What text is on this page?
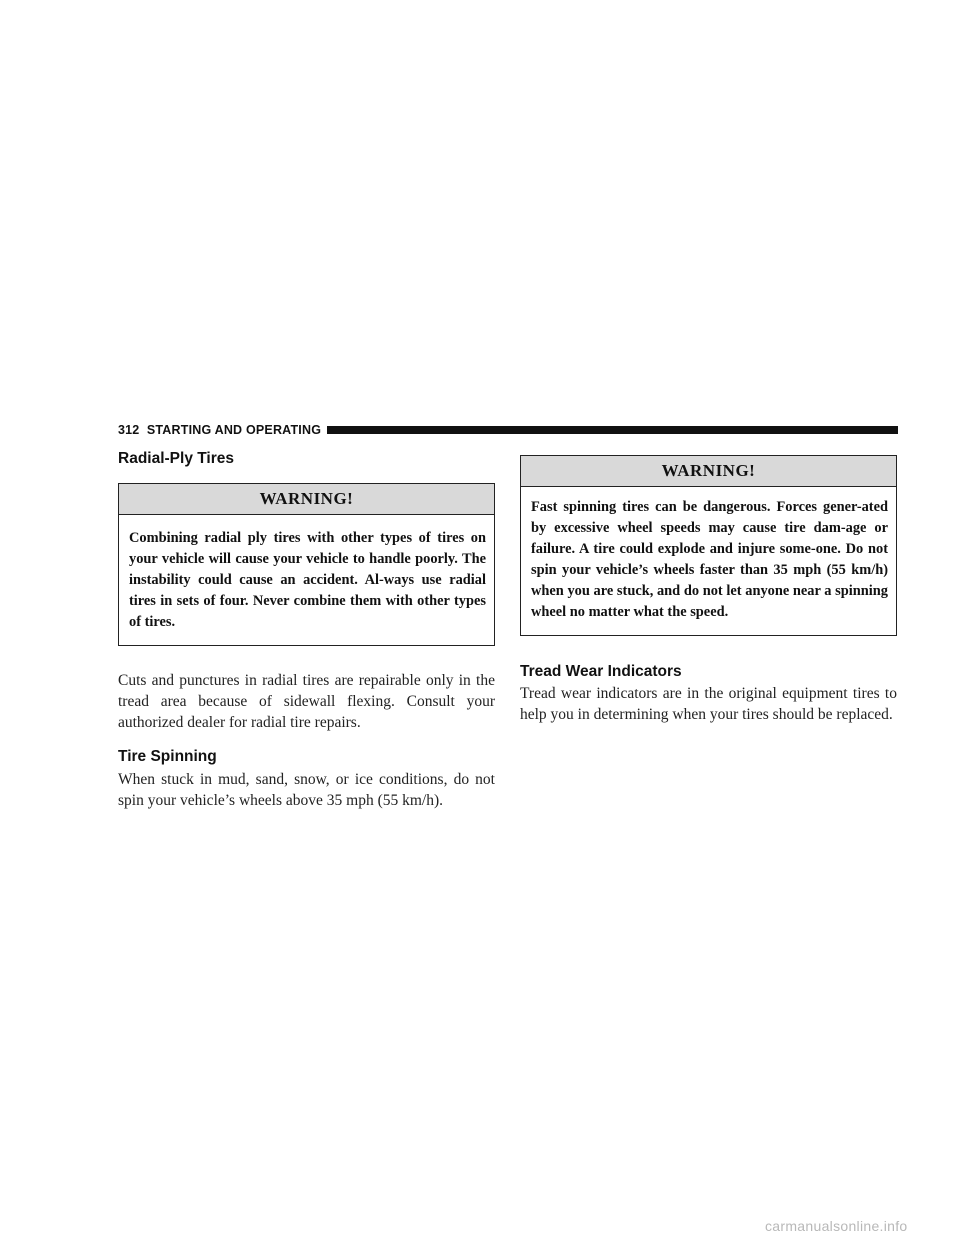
312 STARTING AND OPERATING
Radial-Ply Tires
WARNING!
Combining radial ply tires with other types of tires on your vehicle will cause your vehicle to handle poorly. The instability could cause an accident. Al-ways use radial tires in sets of four. Never combine them with other types of tires.

Cuts and punctures in radial tires are repairable only in the tread area because of sidewall flexing. Consult your authorized dealer for radial tire repairs.

Tire Spinning

When stuck in mud, sand, snow, or ice conditions, do not spin your vehicle’s wheels above 35 mph (55 km/h).

WARNING!
Fast spinning tires can be dangerous. Forces gener-ated by excessive wheel speeds may cause tire dam-age or failure. A tire could explode and injure some-one. Do not spin your vehicle’s wheels faster than 35 mph (55 km/h) when you are stuck, and do not let anyone near a spinning wheel no matter what the speed.
Tread Wear Indicators

Tread wear indicators are in the original equipment tires to help you in determining when your tires should be replaced.

carmanualsonline.info
